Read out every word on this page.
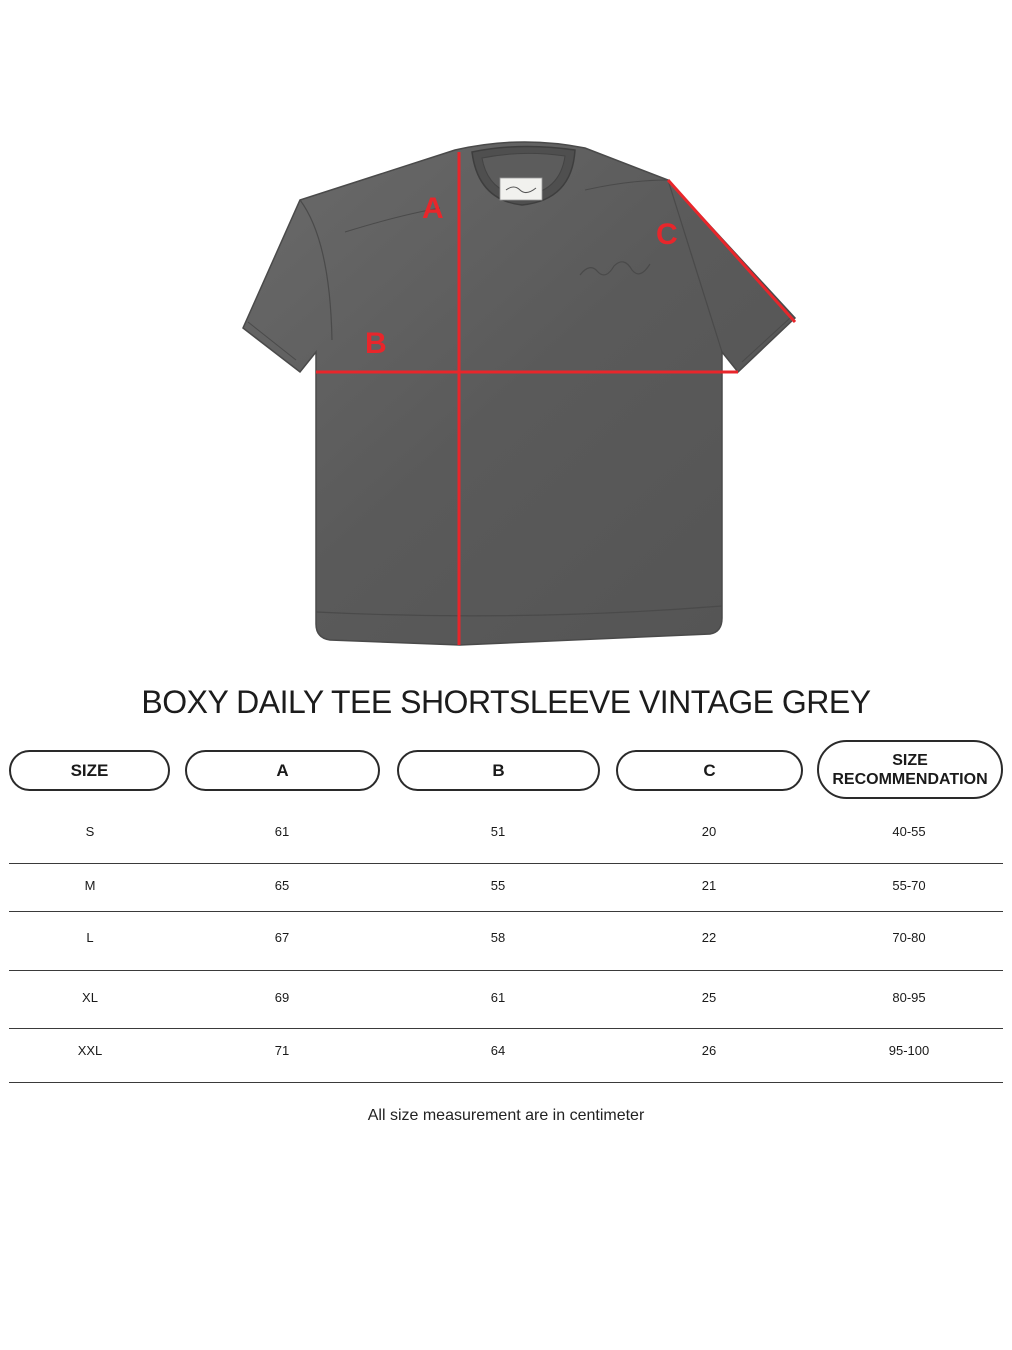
A
B
C
BOXY DAILY TEE SHORTSLEEVE VINTAGE GREY
SIZE	A	B	C
SIZE
RECOMMENDATION
S	61	51	20	40-55
M	65	55	21	55-70
L	67	58	22	70-80
XL	69	61	25	80-95
XXL	71	64	26	95-100
All size measurement are in centimeter
